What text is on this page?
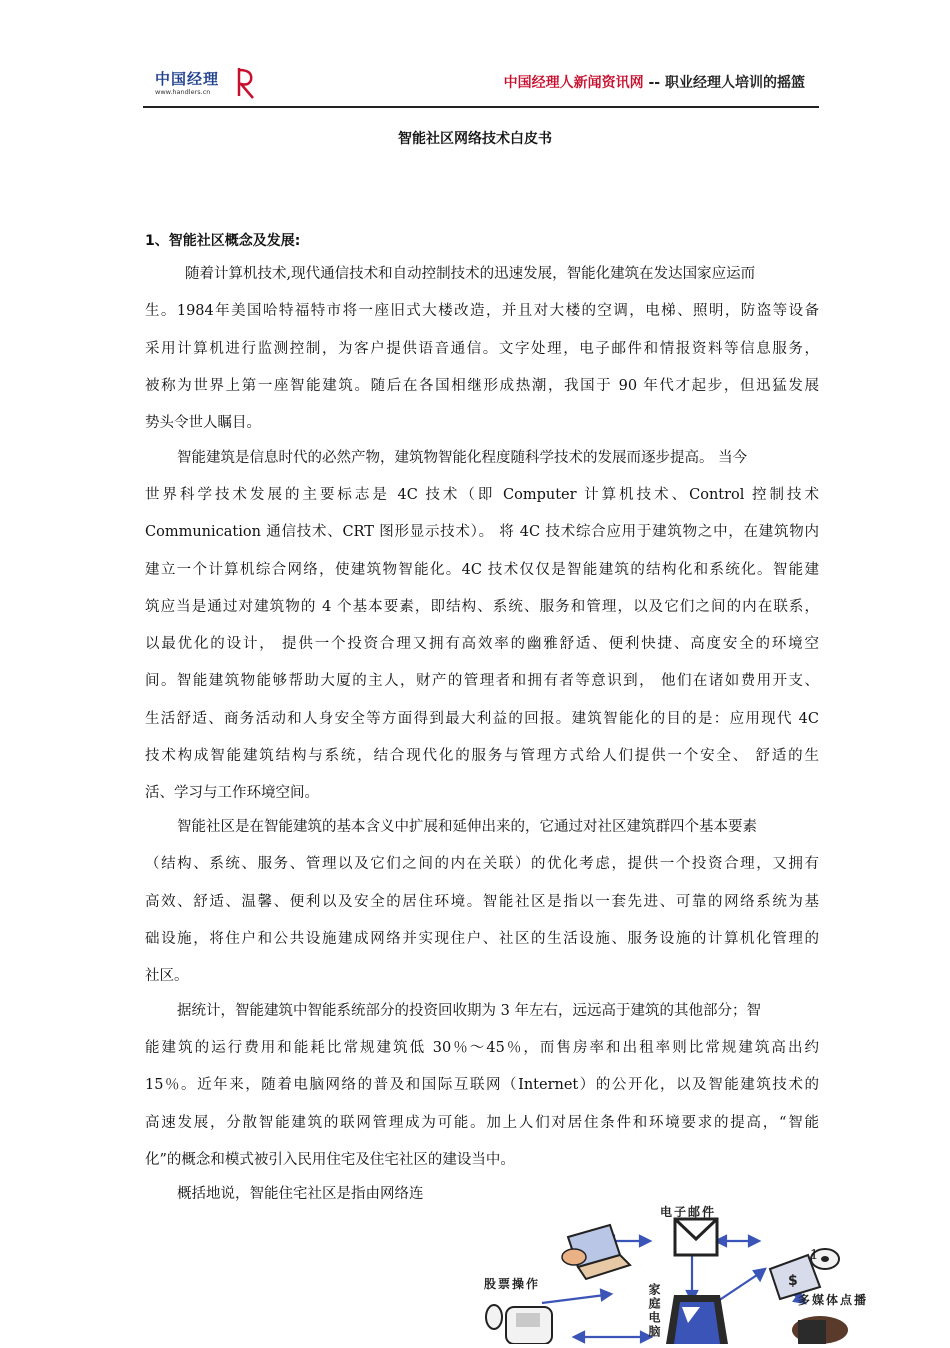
中国经理
www.handlers.cn
中国经理人新闻资讯网 -- 职业经理人培训的摇篮
智能社区网络技术白皮书
1、智能社区概念及发展:
随着计算机技术,现代通信技术和自动控制技术的迅速发展，智能化建筑在发达国家应运而
生。1984年美国哈特福特市将一座旧式大楼改造，并且对大楼的空调，电梯、照明，防盗等设备
采用计算机进行监测控制，为客户提供语音通信。文字处理，电子邮件和情报资料等信息服务，
被称为世界上第一座智能建筑。随后在各国相继形成热潮，我国于 90 年代才起步，但迅猛发展
势头令世人瞩目。
智能建筑是信息时代的必然产物，建筑物智能化程度随科学技术的发展而逐步提高。 当今
世界科学技术发展的主要标志是 4C 技术（即 Computer 计算机技术、Control 控制技术
Communication 通信技术、CRT 图形显示技术）。 将 4C 技术综合应用于建筑物之中，在建筑物内
建立一个计算机综合网络，使建筑物智能化。4C 技术仅仅是智能建筑的结构化和系统化。智能建
筑应当是通过对建筑物的 4 个基本要素，即结构、系统、服务和管理，以及它们之间的内在联系，
以最优化的设计， 提供一个投资合理又拥有高效率的幽雅舒适、便利快捷、高度安全的环境空
间。智能建筑物能够帮助大厦的主人，财产的管理者和拥有者等意识到， 他们在诸如费用开支、
生活舒适、商务活动和人身安全等方面得到最大利益的回报。建筑智能化的目的是：应用现代 4C
技术构成智能建筑结构与系统，结合现代化的服务与管理方式给人们提供一个安全、 舒适的生
活、学习与工作环境空间。
智能社区是在智能建筑的基本含义中扩展和延伸出来的，它通过对社区建筑群四个基本要素
（结构、系统、服务、管理以及它们之间的内在关联）的优化考虑，提供一个投资合理，又拥有
高效、舒适、温馨、便利以及安全的居住环境。智能社区是指以一套先进、可靠的网络系统为基
础设施，将住户和公共设施建成网络并实现住户、社区的生活设施、服务设施的计算机化管理的
社区。
据统计，智能建筑中智能系统部分的投资回收期为 3 年左右，远远高于建筑的其他部分；智
能建筑的运行费用和能耗比常规建筑低 30％～45％，而售房率和出租率则比常规建筑高出约
15％。近年来，随着电脑网络的普及和国际互联网（Internet）的公开化，以及智能建筑技术的
高速发展，分散智能建筑的联网管理成为可能。加上人们对居住条件和环境要求的提高，“智能
化”的概念和模式被引入民用住宅及住宅社区的建设当中。
概括地说，智能住宅社区是指由网络连
$
电子邮件
股票操作
多媒体点播
家庭电脑
1
